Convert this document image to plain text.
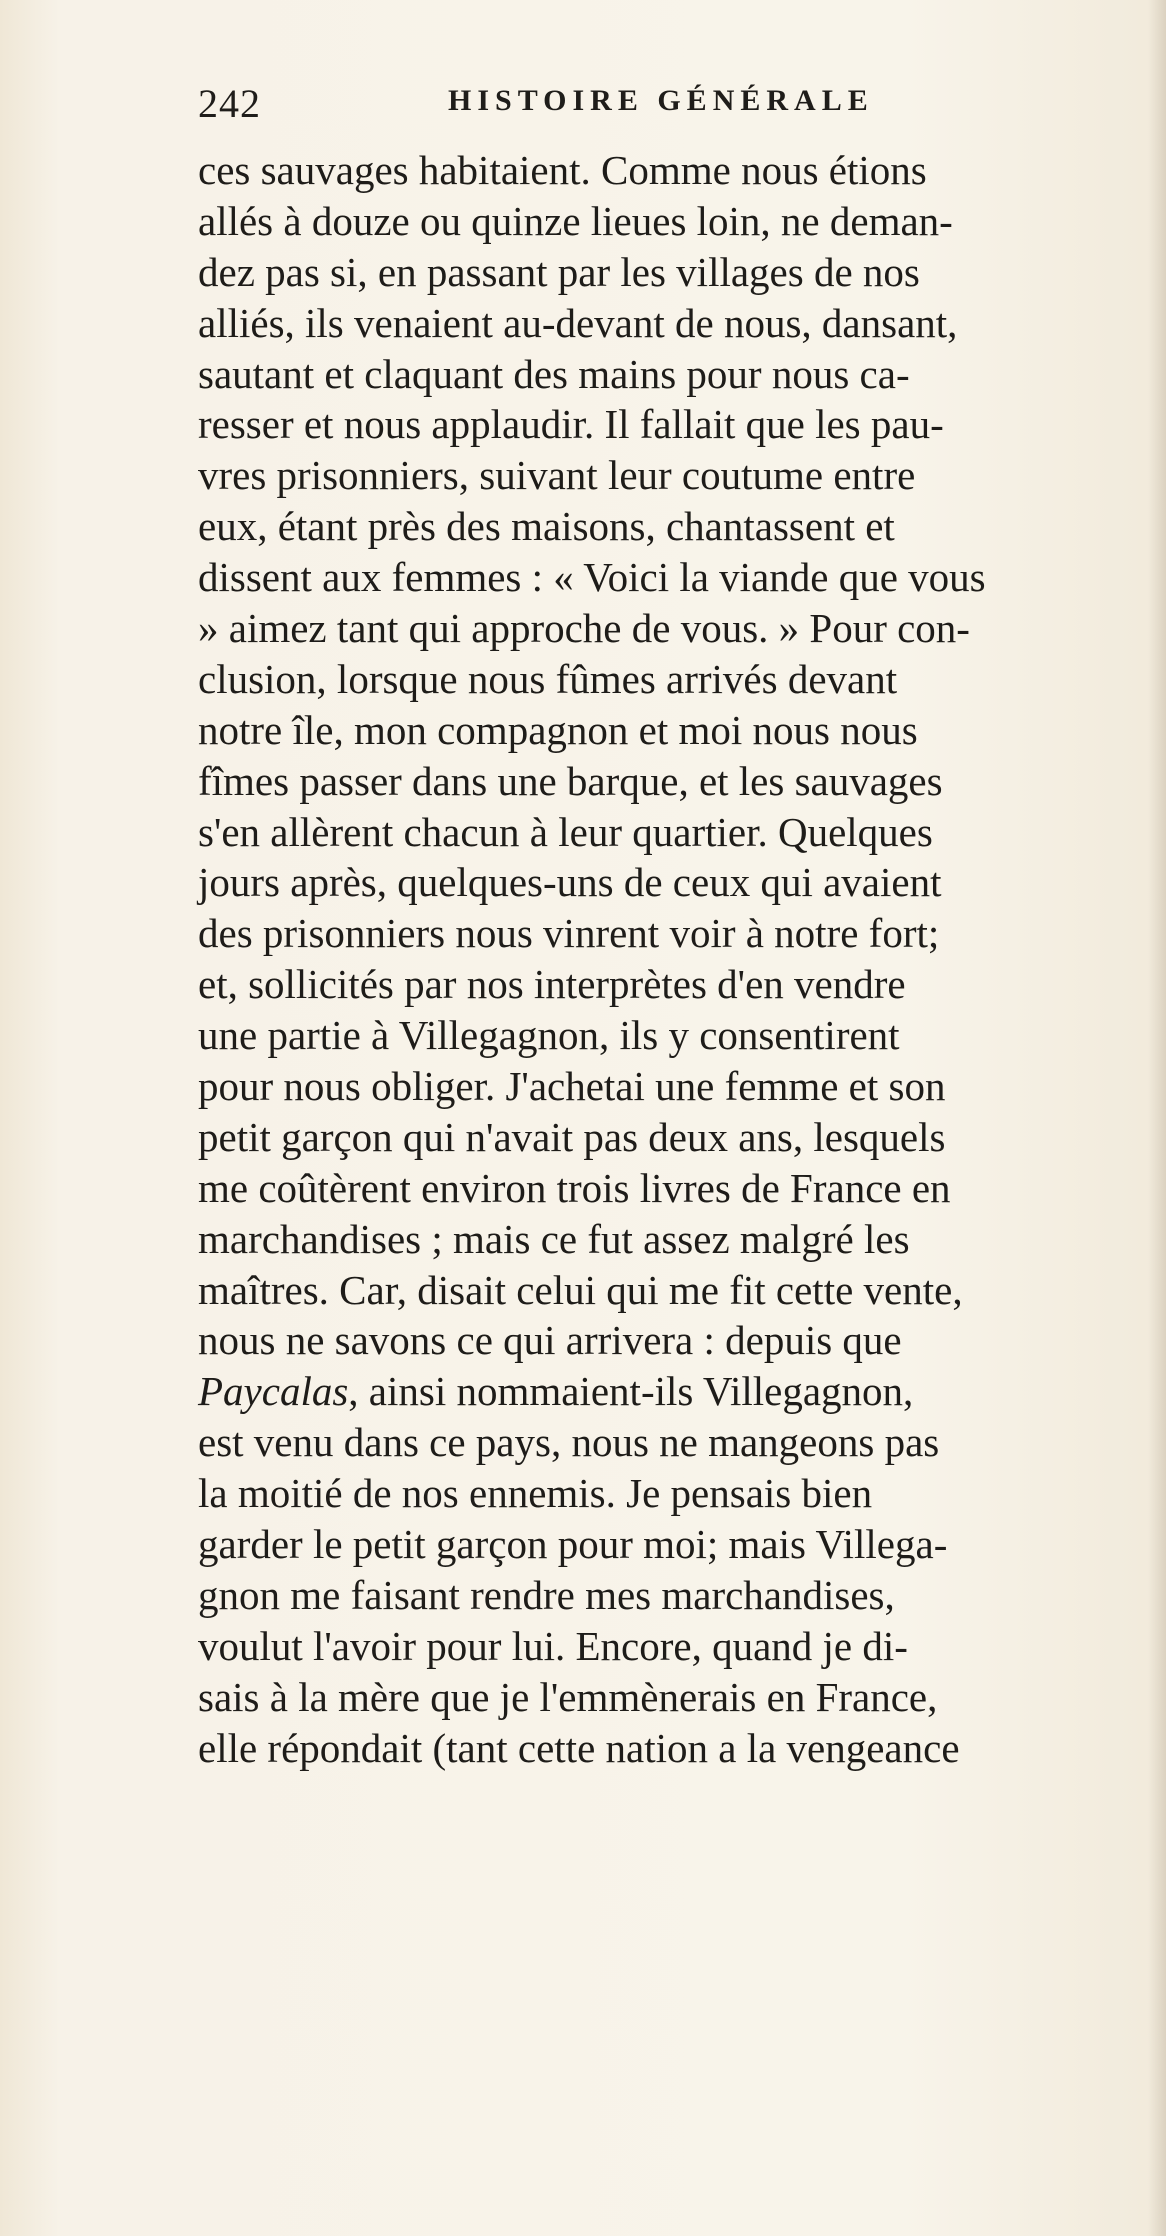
242	HISTOIRE GÉNÉRALE
ces sauvages habitaient. Comme nous étions
allés à douze ou quinze lieues loin, ne deman-
dez pas si, en passant par les villages de nos
alliés, ils venaient au-devant de nous, dansant,
sautant et claquant des mains pour nous ca-
resser et nous applaudir. Il fallait que les pau-
vres prisonniers, suivant leur coutume entre
eux, étant près des maisons, chantassent et
dissent aux femmes : « Voici la viande que vous
» aimez tant qui approche de vous. » Pour con-
clusion, lorsque nous fûmes arrivés devant
notre île, mon compagnon et moi nous nous
fîmes passer dans une barque, et les sauvages
s'en allèrent chacun à leur quartier. Quelques
jours après, quelques-uns de ceux qui avaient
des prisonniers nous vinrent voir à notre fort;
et, sollicités par nos interprètes d'en vendre
une partie à Villegagnon, ils y consentirent
pour nous obliger. J'achetai une femme et son
petit garçon qui n'avait pas deux ans, lesquels
me coûtèrent environ trois livres de France en
marchandises ; mais ce fut assez malgré les
maîtres. Car, disait celui qui me fit cette vente,
nous ne savons ce qui arrivera : depuis que
Paycalas, ainsi nommaient-ils Villegagnon,
est venu dans ce pays, nous ne mangeons pas
la moitié de nos ennemis. Je pensais bien
garder le petit garçon pour moi; mais Villega-
gnon me faisant rendre mes marchandises,
voulut l'avoir pour lui. Encore, quand je di-
sais à la mère que je l'emmènerais en France,
elle répondait (tant cette nation a la vengeance
